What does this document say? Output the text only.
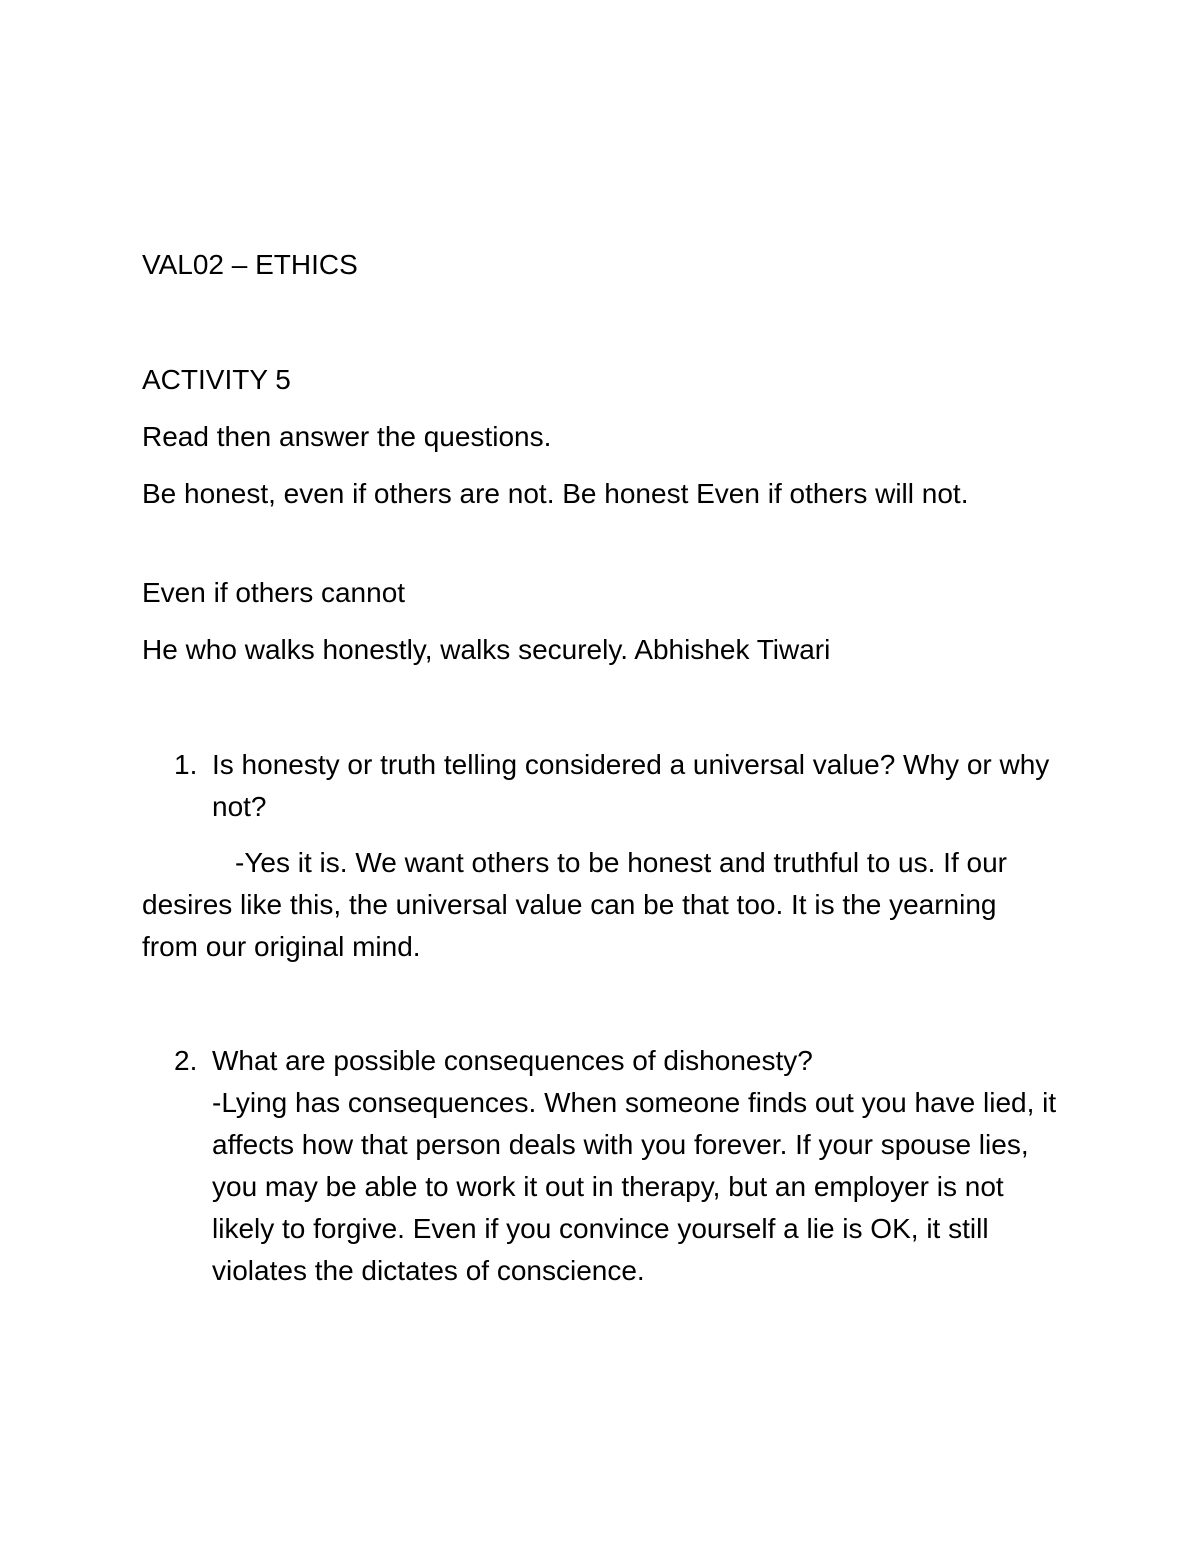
VAL02 – ETHICS
ACTIVITY 5
Read then answer the questions.
Be honest, even if others are not. Be honest Even if others will not.
Even if others cannot
He who walks honestly, walks securely. Abhishek Tiwari
1. Is honesty or truth telling considered a universal value? Why or why not?
-Yes it is. We want others to be honest and truthful to us. If our desires like this, the universal value can be that too. It is the yearning from our original mind.
2. What are possible consequences of dishonesty?
-Lying has consequences. When someone finds out you have lied, it affects how that person deals with you forever. If your spouse lies, you may be able to work it out in therapy, but an employer is not likely to forgive. Even if you convince yourself a lie is OK, it still violates the dictates of conscience.
